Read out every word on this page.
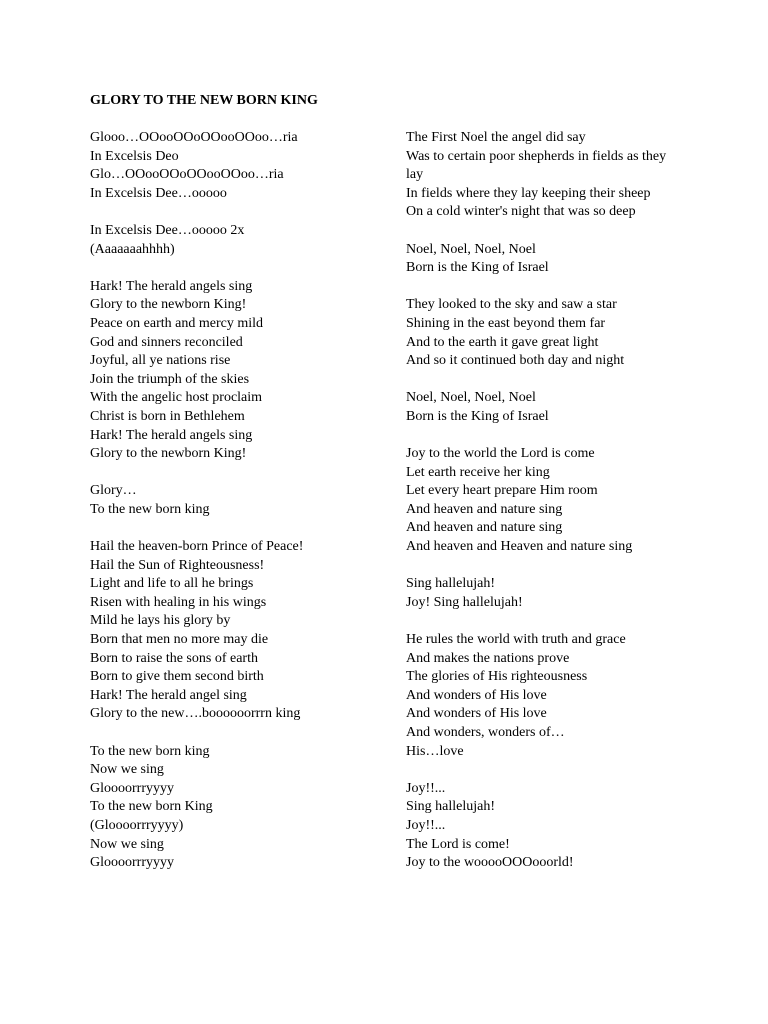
GLORY TO THE NEW BORN KING
Glooo…OOooOOoOOooOOoo…ria
In Excelsis Deo
Glo…OOooOOoOOooOOoo…ria
In Excelsis Dee…ooooo
In Excelsis Dee…ooooo 2x
(Aaaaaaahhhh)
Hark! The herald angels sing
Glory to the newborn King!
Peace on earth and mercy mild
God and sinners reconciled
Joyful, all ye nations rise
Join the triumph of the skies
With the angelic host proclaim
Christ is born in Bethlehem
Hark! The herald angels sing
Glory to the newborn King!
Glory…
To the new born king
Hail the heaven-born Prince of Peace!
Hail the Sun of Righteousness!
Light and life to all he brings
Risen with healing in his wings
Mild he lays his glory by
Born that men no more may die
Born to raise the sons of earth
Born to give them second birth
Hark! The herald angel sing
Glory to the new….boooooorrrn king
To the new born king
Now we sing
Gloooorrryyyy
To the new born King
(Gloooorrryyyy)
Now we sing
Gloooorrryyyy
The First Noel the angel did say
Was to certain poor shepherds in fields as they lay
In fields where they lay keeping their sheep
On a cold winter's night that was so deep
Noel, Noel, Noel, Noel
Born is the King of Israel
They looked to the sky and saw a star
Shining in the east beyond them far
And to the earth it gave great light
And so it continued both day and night
Noel, Noel, Noel, Noel
Born is the King of Israel
Joy to the world the Lord is come
Let earth receive her king
Let every heart prepare Him room
And heaven and nature sing
And heaven and nature sing
And heaven and Heaven and nature sing
Sing hallelujah!
Joy! Sing hallelujah!
He rules the world with truth and grace
And makes the nations prove
The glories of His righteousness
And wonders of His love
And wonders of His love
And wonders, wonders of…
His…love
Joy!!...
Sing hallelujah!
Joy!!...
The Lord is come!
Joy to the wooooOOOooorld!
